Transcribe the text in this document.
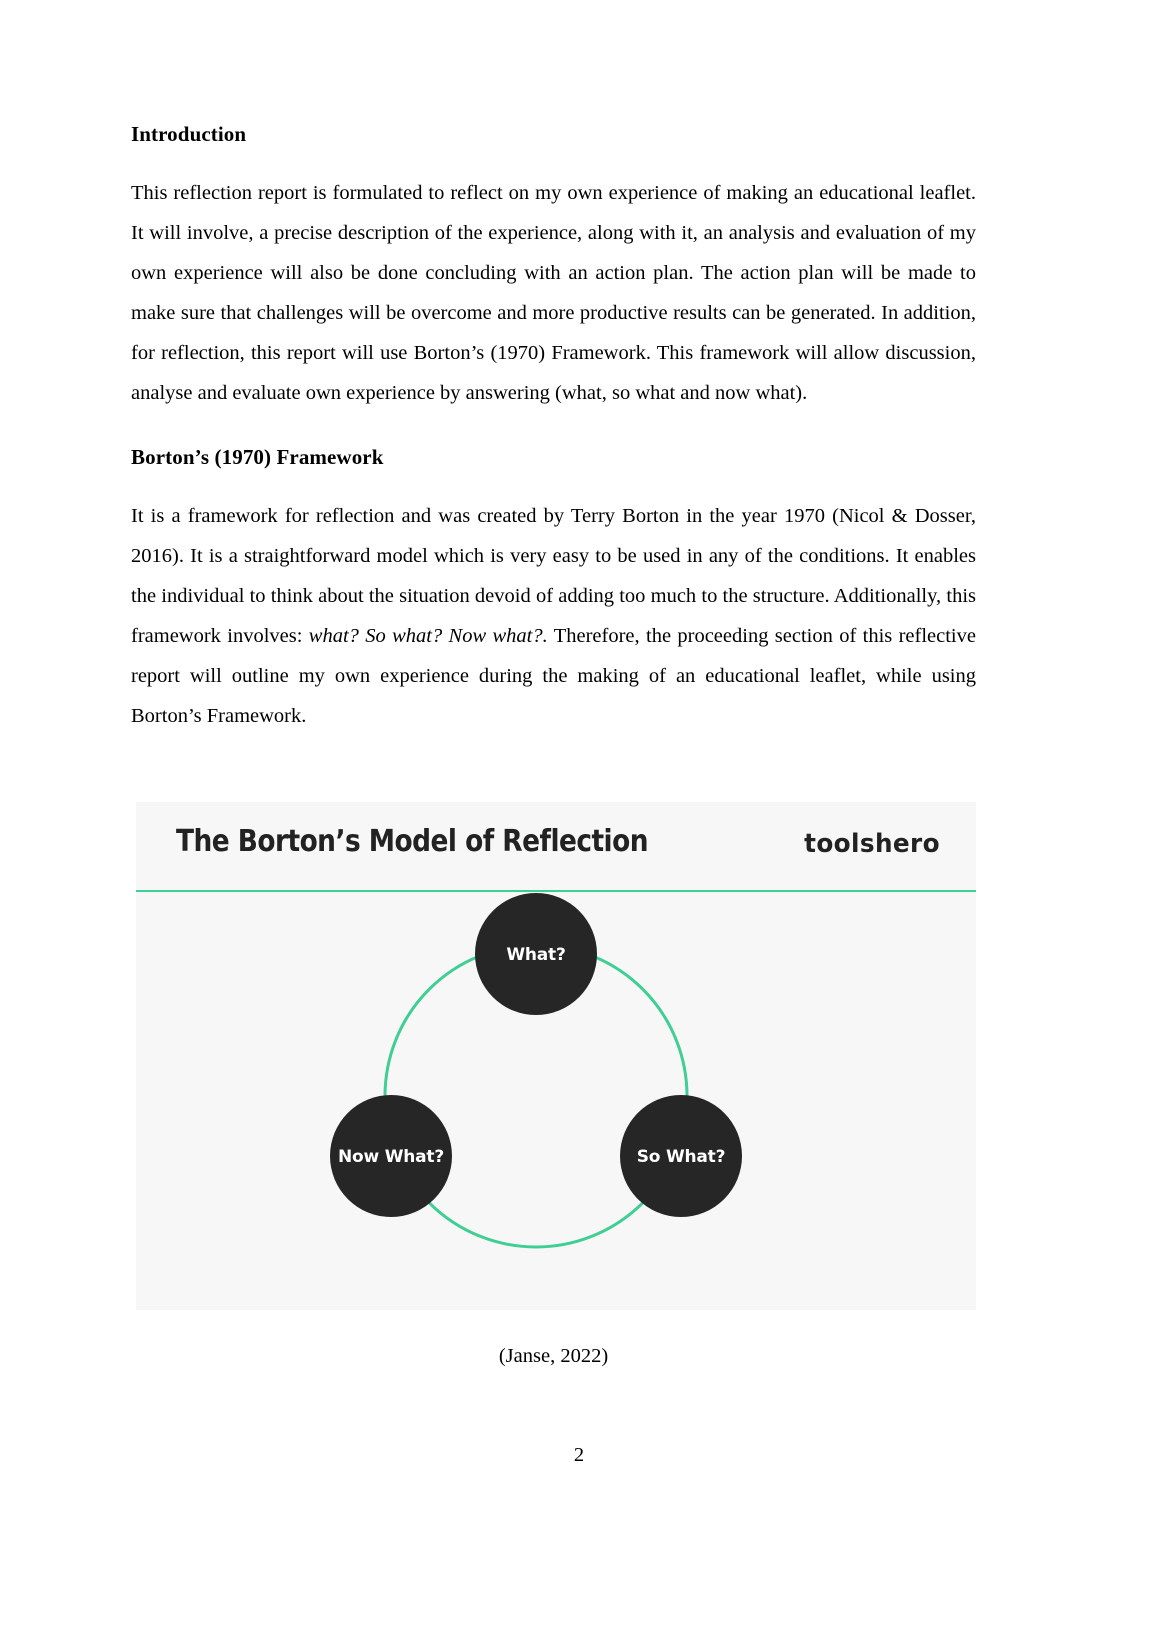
Introduction

This reflection report is formulated to reflect on my own experience of making an educational leaflet. It will involve, a precise description of the experience, along with it, an analysis and evaluation of my own experience will also be done concluding with an action plan. The action plan will be made to make sure that challenges will be overcome and more productive results can be generated. In addition, for reflection, this report will use Borton’s (1970) Framework. This framework will allow discussion, analyse and evaluate own experience by answering (what, so what and now what).

Borton’s (1970) Framework

It is a framework for reflection and was created by Terry Borton in the year 1970 (Nicol & Dosser, 2016). It is a straightforward model which is very easy to be used in any of the conditions. It enables the individual to think about the situation devoid of adding too much to the structure. Additionally, this framework involves: what? So what? Now what?. Therefore, the proceeding section of this reflective report will outline my own experience during the making of an educational leaflet, while using Borton’s Framework.

The Borton’s Model of Reflection	toolshero
What?
So What?
Now What?
(Janse, 2022)
2
